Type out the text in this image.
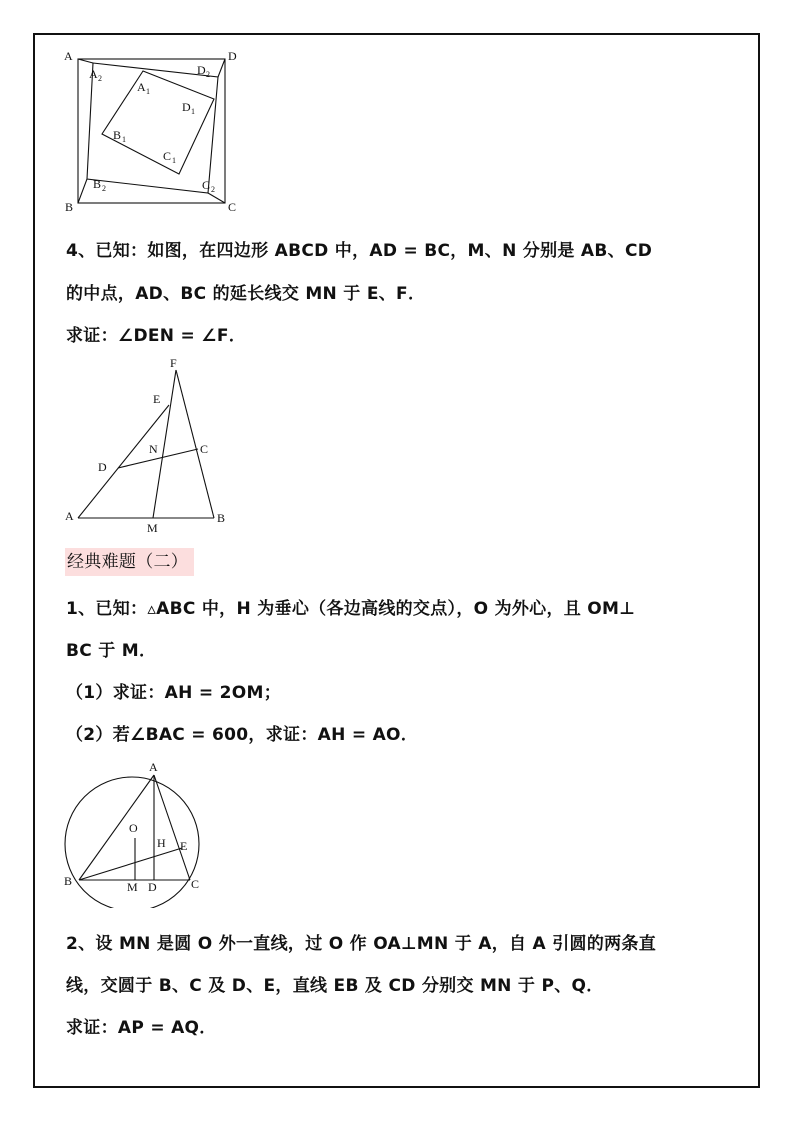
A	D
B	C
A 2
D 2
A 1
D 1
B 1
C 1
B 2	C 2
4、已知：如图，在四边形 ABCD 中，AD = BC，M、N 分别是 AB、CD
的中点，AD、BC 的延长线交 MN 于 E、F．
求证：∠DEN = ∠F．
F
E
N	C
D
A
M
B
经典难题（二）
1、已知：▵ABC 中，H 为垂心（各边高线的交点），O 为外心，且 OM⊥
BC 于 M．
（1）求证：AH = 2OM；
（2）若∠BAC = 600，求证：AH = AO．
A
O
H E
B	M D	C
2、设 MN 是圆 O 外一直线，过 O 作 OA⊥MN 于 A，自 A 引圆的两条直
线，交圆于 B、C 及 D、E，直线 EB 及 CD 分别交 MN 于 P、Q．
求证：AP = AQ．
